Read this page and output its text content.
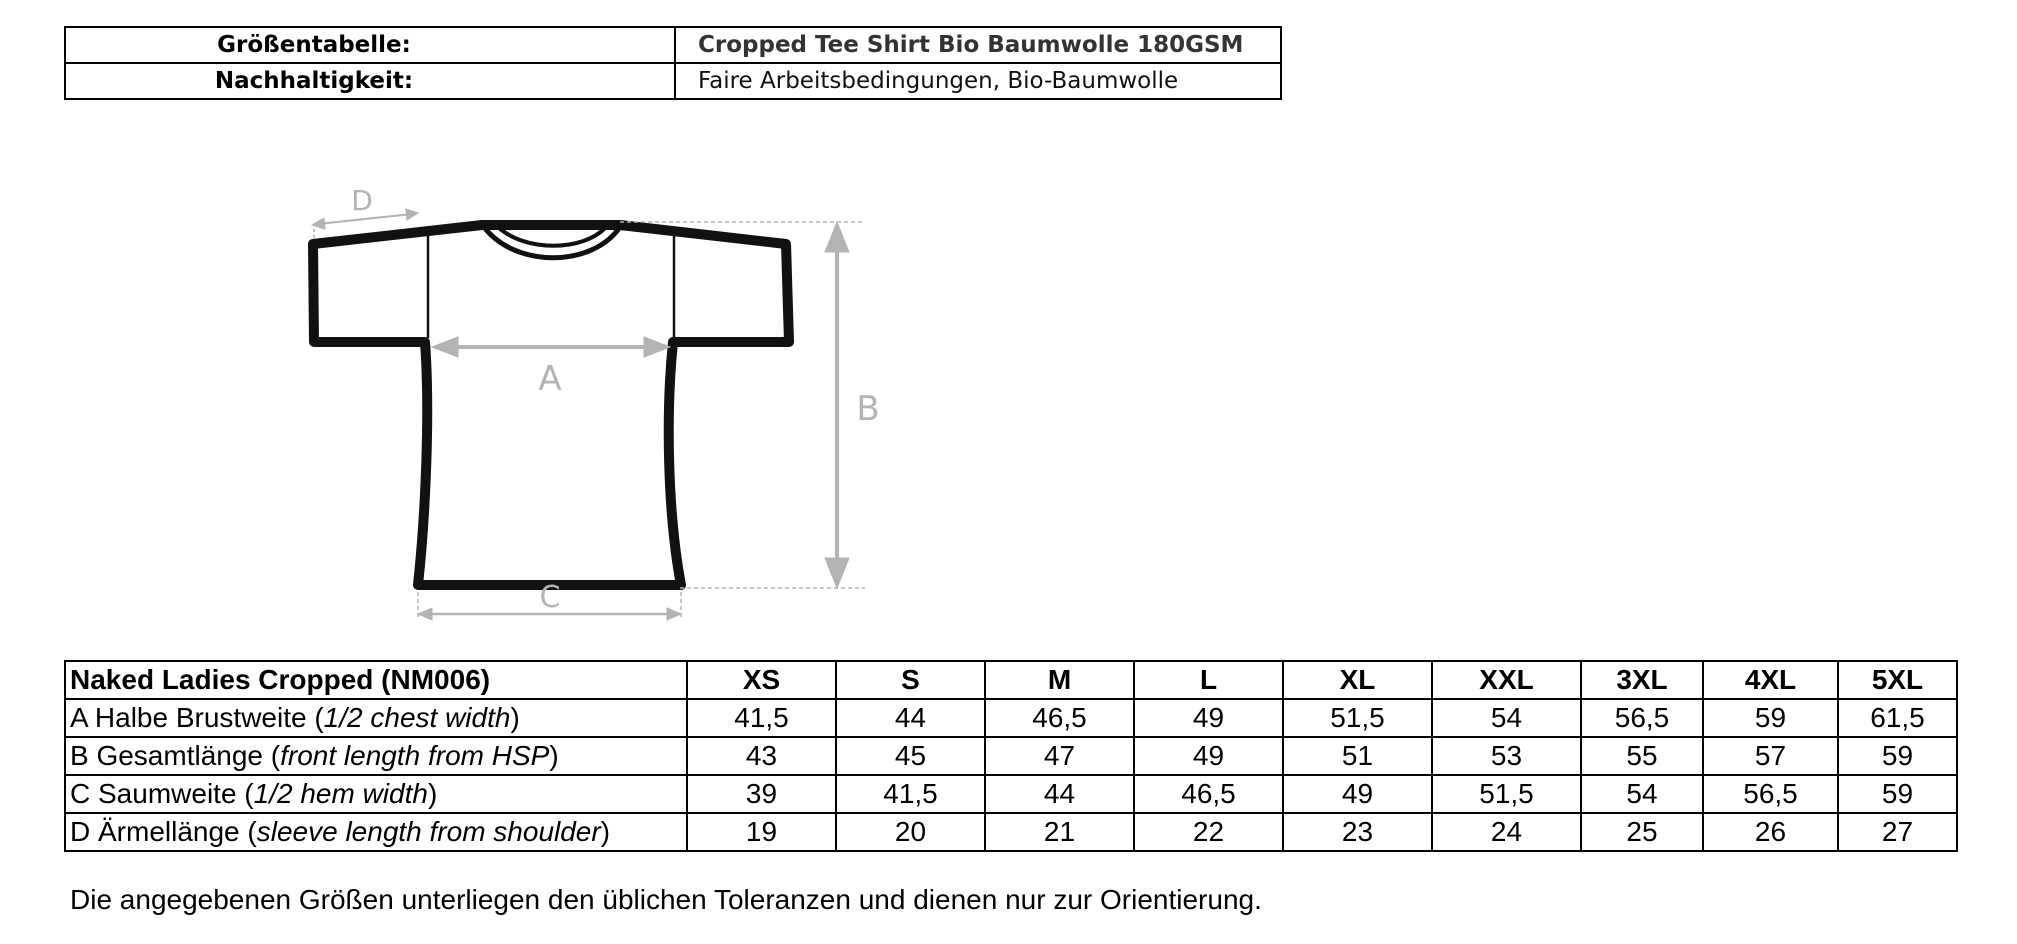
Größentabelle:	Cropped Tee Shirt Bio Baumwolle 180GSM
Nachhaltigkeit:	Faire Arbeitsbedingungen, Bio-Baumwolle
A
B
C
D
Naked Ladies Cropped (NM006)	XS	S	M	L	XL	XXL	3XL	4XL	5XL
A Halbe Brustweite (1/2 chest width)	41,5	44	46,5	49	51,5	54	56,5	59	61,5
B Gesamtlänge (front length from HSP)	43	45	47	49	51	53	55	57	59
C Saumweite (1/2 hem width)	39	41,5	44	46,5	49	51,5	54	56,5	59
D Ärmellänge (sleeve length from shoulder)	19	20	21	22	23	24	25	26	27
Die angegebenen Größen unterliegen den üblichen Toleranzen und dienen nur zur Orientierung.
